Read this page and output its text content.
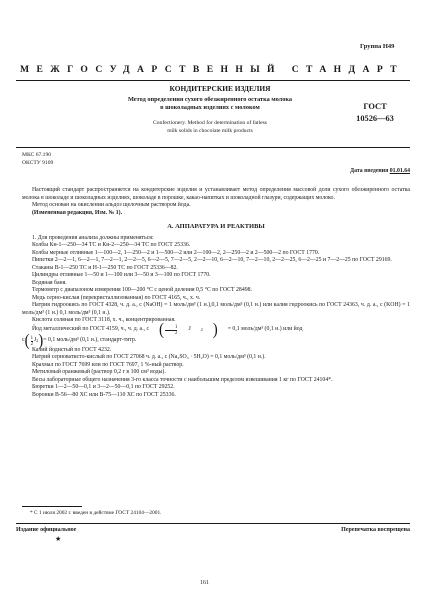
Группа Н49
МЕЖГОСУДАРСТВЕННЫЙ СТАНДАРТ
КОНДИТЕРСКИЕ ИЗДЕЛИЯ
Метод определения сухого обезжиренного остатка молока
в шоколадных изделиях с молоком	ГОСТ
10526—63
Confectionery. Method for determination of fatless
milk solids in chocolate milk products
МКС 67.190
ОКСТУ 9109
Дата введения 01.01.64

Настоящий стандарт распространяется на кондитерские изделия и устанавливает метод определения массовой доли сухого обезжиренного остатка молока в шоколаде и шоколадных изделиях, шоколаде в порошке, какао-напитках и шоколадной глазури, содержащих молоко.

Метод основан на окислении альдоз щелочным раствором йода.

(Измененная редакция, Изм. № 1).

А. АППАРАТУРА И РЕАКТИВЫ

1. Для проведения анализа должны применяться:

Колбы Кн-1—250—34 ТС и Кн-2—250—34 ТС по ГОСТ 25336.

Колбы мерные отливные 1—100—2, 1—250—2 и 1—500—2 или 2—100—2, 2—250—2 и 2—500—2 по ГОСТ 1770.

Пипетки 2—2—1, 6—2—1, 7—2—1, 2—2—5, 6—2—5, 7—2—5, 2—2—10, 6—2—10, 7—2—10, 2—2—25, 6—2—25 и 7—2—25 по ГОСТ 29169.

Стаканы В-1—250 ТС и Н-1—250 ТС по ГОСТ 25336—82.

Цилиндры отливные 1—50 и 1—100 или 3—50 и 3—100 по ГОСТ 1770.

Водяная баня.

Термометр с диапазоном измерения 100—200 °С с ценой деления 0,5 °С по ГОСТ 28498.

Медь серно-кислая (перекристаллизованная) по ГОСТ 4165, ч., х. ч.

Натрия гидроокись по ГОСТ 4328, ч. д. а., с (NaOH) = 1 моль/дм³ (1 н.),0,1 моль/дм³ (0,1 н.) или калия гидроокись по ГОСТ 24363, ч. д. а., с (KOH) = 1 моль/дм³ (1 н.) 0,1 моль/дм³ (0,1 н.).

Кислота соляная по ГОСТ 3118, х. ч., концентрированная.

Йод металлический по ГОСТ 4159, ч., ч. д. а., с ( $\frac{1}{2}$	J	2 )	= 0,1 моль/дм³ (0,1 н.) или йод

с ( $\frac{1}{2}$ J 2 ) = 0,1 моль/дм³ (0,1 н.), стандарт-титр.

Калий йодистый по ГОСТ 4232.

Натрий серноватисто-кислый по ГОСТ 27068 ч. д. а., с (Na₂SO₃ · 5H₂O) = 0,1 моль/дм³ (0,1 н.).

Крахмал по ГОСТ 7699 или по ГОСТ 7697, 1 %-ный раствор.

Метиловый оранжевый (раствор 0,2 г в 100 см³ воды).

Весы лабораторные общего назначения 3-го класса точности с наибольшим пределом взвешивания 1 кг по ГОСТ 24104*.

Бюретки 1—2—50—0,1 и 3—2—50—0,1 по ГОСТ 29252.

Воронки В-56—80 ХС или В-75—110 ХС по ГОСТ 25336.

* С 1 июля 2002 г. введен в действие ГОСТ 24104—2001.
Издание официальное
★
Перепечатка воспрещена
161
